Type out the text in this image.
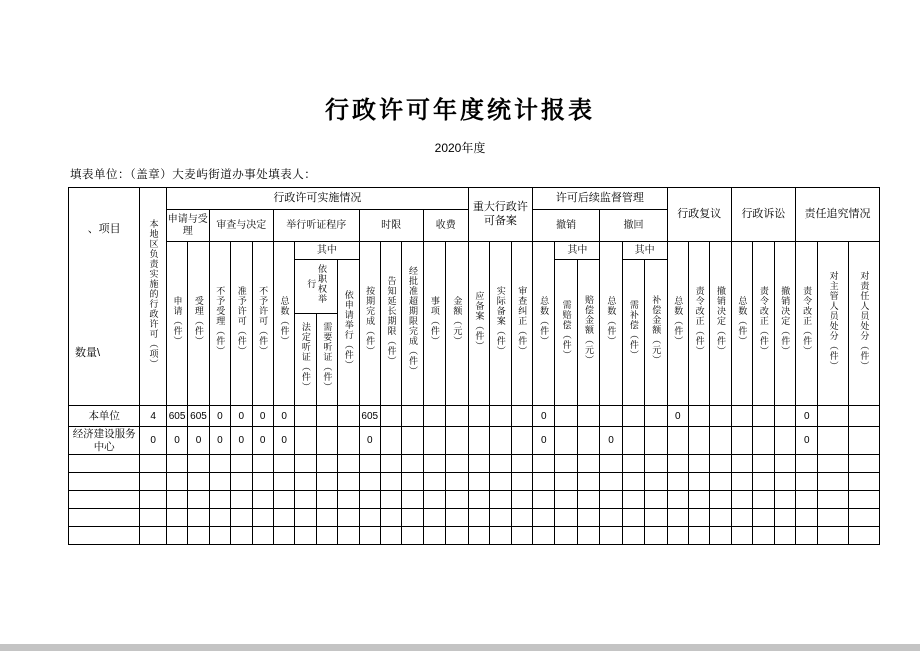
行政许可年度统计报表
2020年度
填表单位：（盖章）大麦屿街道办事处填表人：
、项目
数量\	本地区负责实施的行政许可（项）	行政许可实施情况														重大行政许可备案			许可后续监督管理						行政复议			行政诉讼			责任追究情况		
		申请与受理		审查与决定			举行听证程序				时限			收费					撤销			撤回											
		申请（件）	受理（件）	不予受理（件）	准予许可（件）	不予许可（件）	总数（件）	其中			按期完成（件）	告知延长期限（件）	经批准超期限完成（件）	事项（件）	金额（元）	应备案（件）	实际备案（件）	审查纠正（件）	总数（件）	其中		总数（件）	其中		总数（件）	责令改正（件）	撤销决定（件）	总数（件）	责令改正（件）	撤销决定（件）	责令改正（件）	对主管人员处分（件）	对责任人员处分（件）
								依职权举行		依申请举行（件）										需赔偿（件）	赔偿金额（元）		需补偿（件）	补偿金额（元）									
								法定听证（件）	需要听证（件）																								
本单位	4	605	605	0	0	0	0				605								0						0						0		
经济建设服务中心	0	0	0	0	0	0	0				0								0			0									0		
